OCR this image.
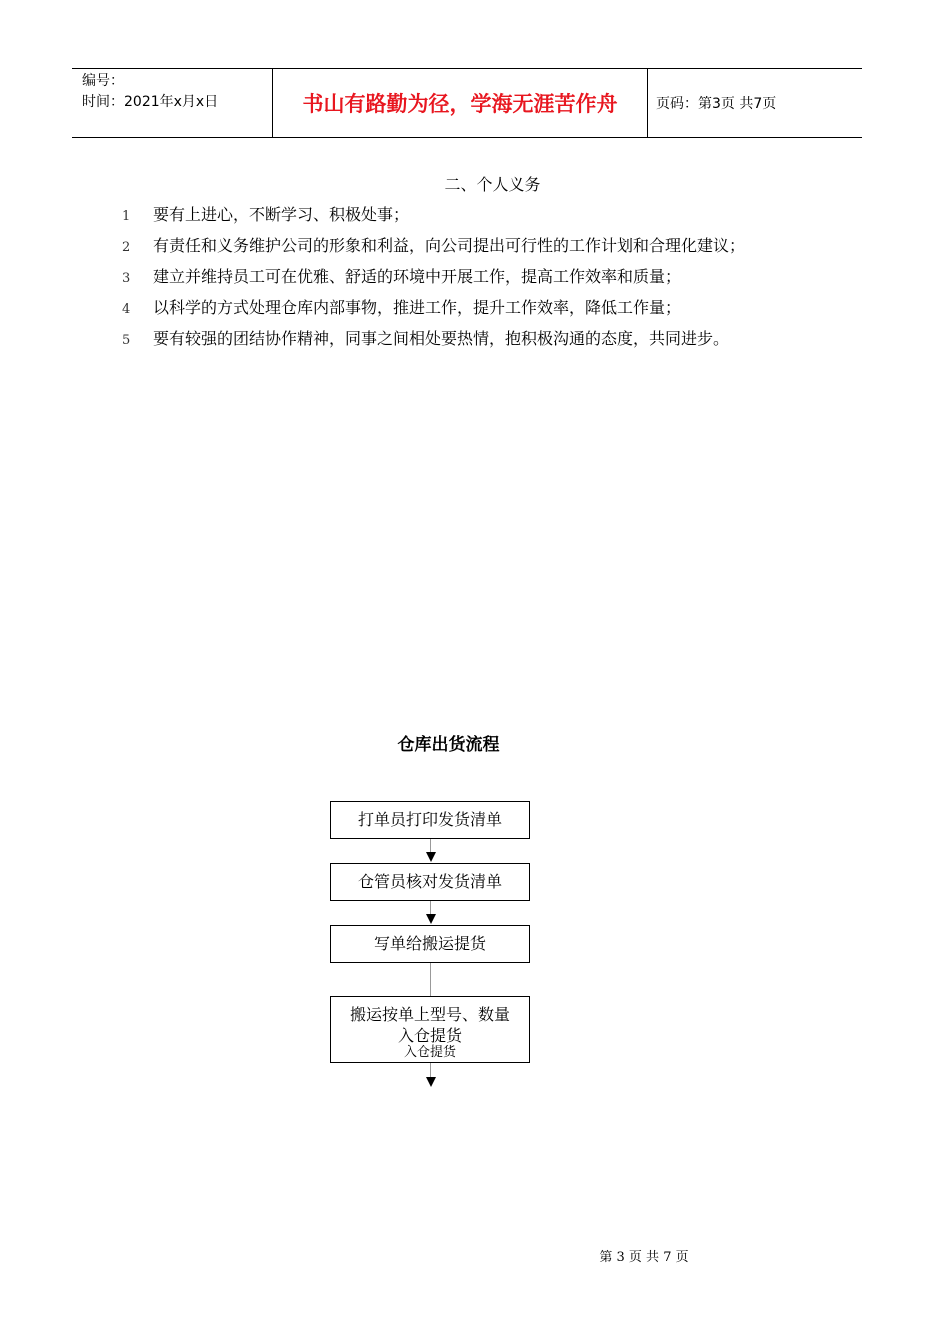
编号：
时间：2021年x月x日	书山有路勤为径，学海无涯苦作舟	页码：第3页 共7页
二、个人义务
1 要有上进心，不断学习、积极处事；
2 有责任和义务维护公司的形象和利益，向公司提出可行性的工作计划和合理化建议；
3 建立并维持员工可在优雅、舒适的环境中开展工作，提高工作效率和质量；
4 以科学的方式处理仓库内部事物，推进工作，提升工作效率，降低工作量；
5 要有较强的团结协作精神，同事之间相处要热情，抱积极沟通的态度，共同进步。
仓库出货流程
打单员打印发货清单
仓管员核对发货清单
写单给搬运提货
搬运按单上型号、数量
入仓提货
入仓提货
第 3 页 共 7 页
